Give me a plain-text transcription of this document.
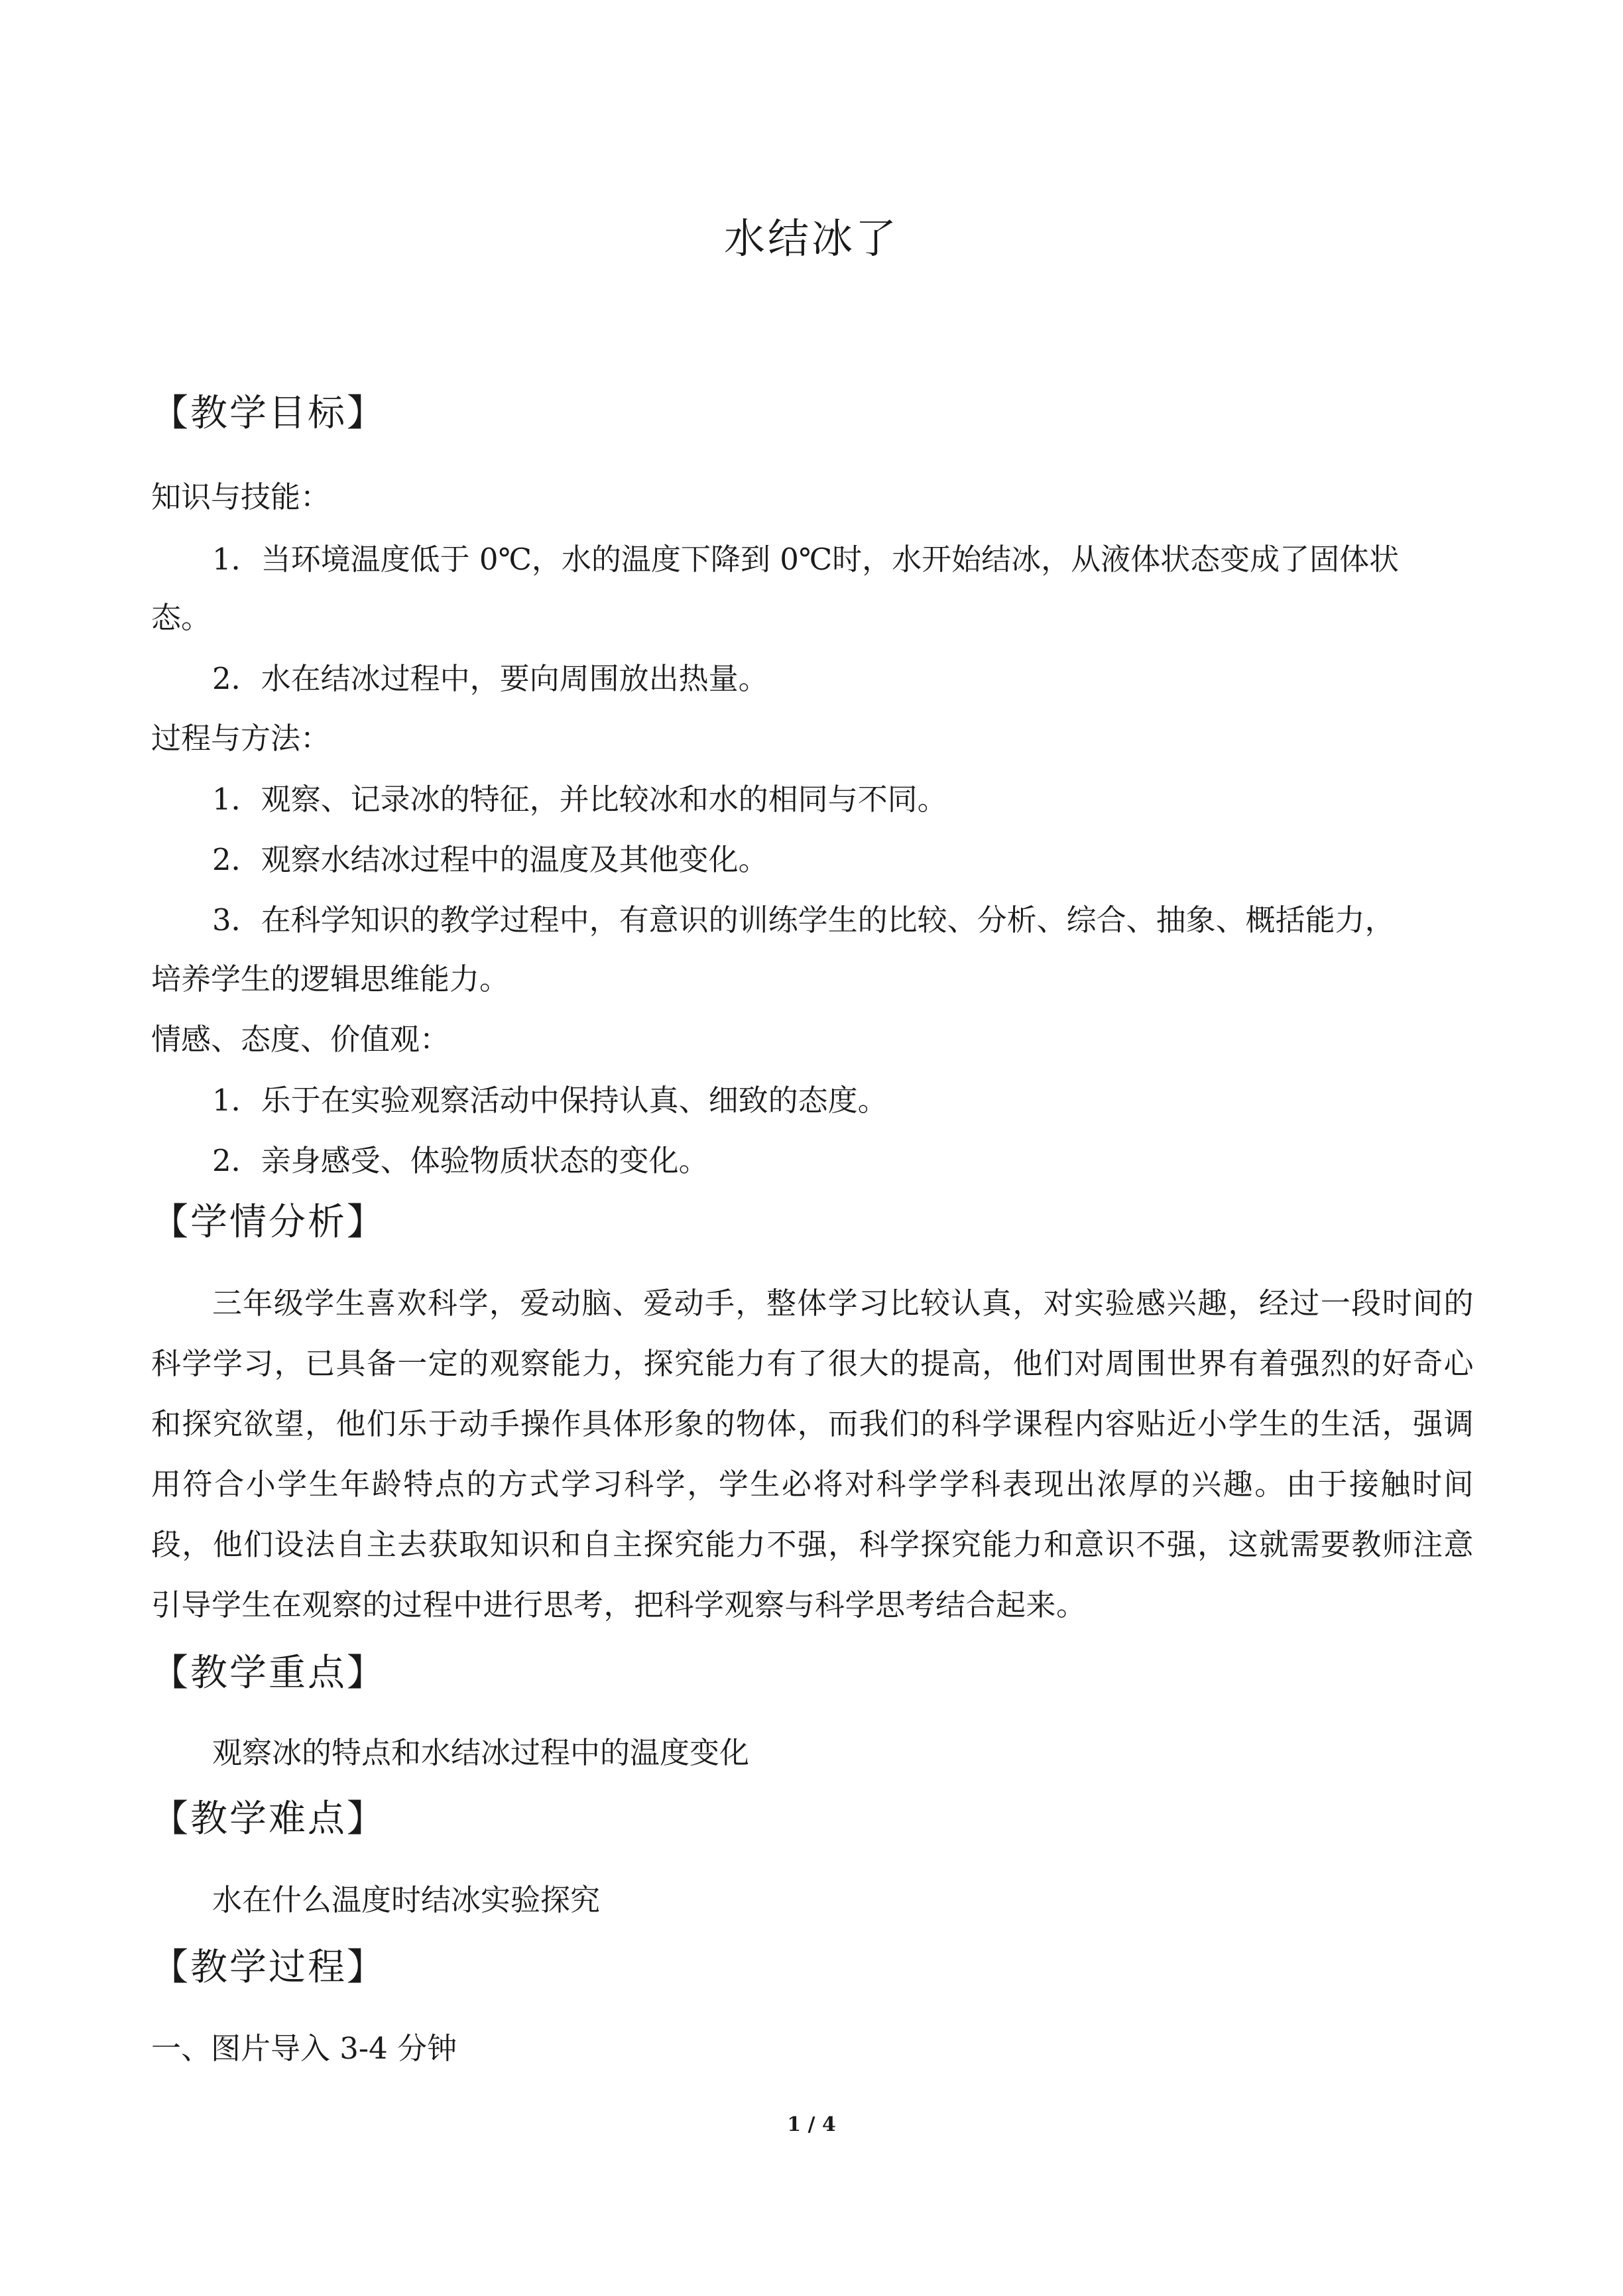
水结冰了
【教学目标】
知识与技能：
1．当环境温度低于 0℃，水的温度下降到 0℃时，水开始结冰，从液体状态变成了固体状
态。
2．水在结冰过程中，要向周围放出热量。
过程与方法：
1．观察、记录冰的特征，并比较冰和水的相同与不同。
2．观察水结冰过程中的温度及其他变化。
3．在科学知识的教学过程中，有意识的训练学生的比较、分析、综合、抽象、概括能力，
培养学生的逻辑思维能力。
情感、态度、价值观：
1．乐于在实验观察活动中保持认真、细致的态度。
2．亲身感受、体验物质状态的变化。
【学情分析】
三年级学生喜欢科学，爱动脑、爱动手，整体学习比较认真，对实验感兴趣，经过一段时间的科学学习，已具备一定的观察能力，探究能力有了很大的提高，他们对周围世界有着强烈的好奇心和探究欲望，他们乐于动手操作具体形象的物体，而我们的科学课程内容贴近小学生的生活，强调用符合小学生年龄特点的方式学习科学，学生必将对科学学科表现出浓厚的兴趣。由于接触时间段，他们设法自主去获取知识和自主探究能力不强，科学探究能力和意识不强，这就需要教师注意引导学生在观察的过程中进行思考，把科学观察与科学思考结合起来。
【教学重点】
观察冰的特点和水结冰过程中的温度变化
【教学难点】
水在什么温度时结冰实验探究
【教学过程】
一、图片导入 3-4 分钟
1 / 4
